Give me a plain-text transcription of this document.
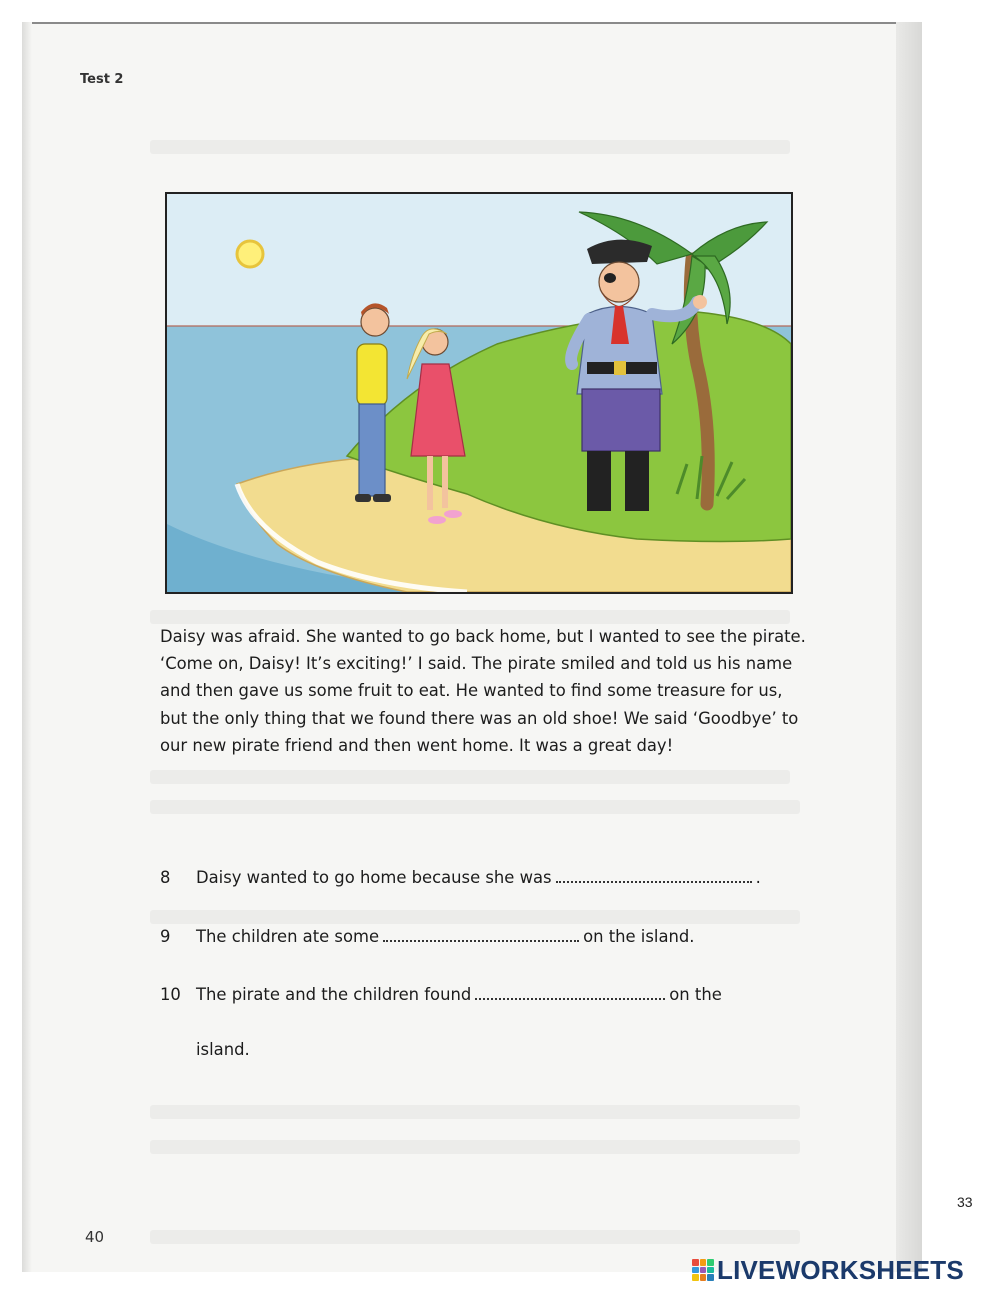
Test 2

Daisy was afraid. She wanted to go back home, but I wanted to see the pirate. ‘Come on, Daisy! It’s exciting!’ I said. The pirate smiled and told us his name and then gave us some fruit to eat. He wanted to find some treasure for us, but the only thing that we found there was an old shoe! We said ‘Goodbye’ to our new pirate friend and then went home. It was a great day!

8 Daisy wanted to go home because she was	.
9 The children ate some	on the island.
10 The pirate and the children found	on the
island.
40
33
LIVEWORKSHEETS
